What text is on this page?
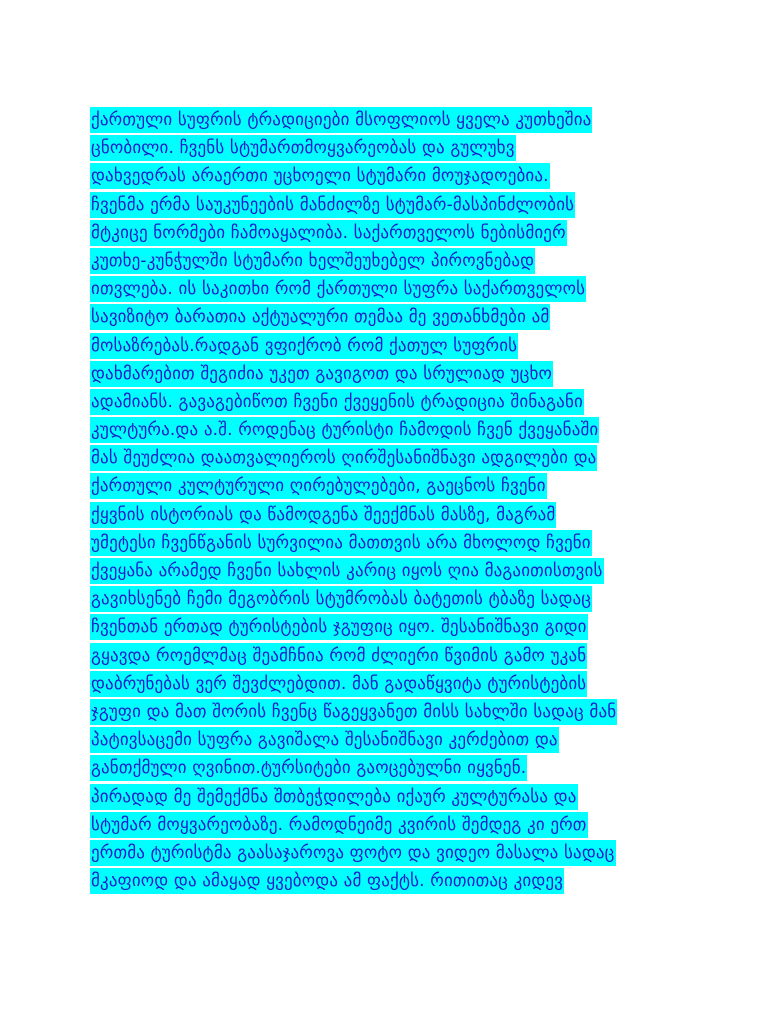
ქართული სუფრის ტრადიციები მსოფლიოს ყველა კუთხეშია
ცნობილი. ჩვენს სტუმართმოყვარეობას და გულუხვ
დახვედრას არაერთი უცხოელი სტუმარი მოუჯადოებია.
ჩვენმა ერმა საუკუნეების მანძილზე სტუმარ-მასპინძლობის
მტკიცე ნორმები ჩამოაყალიბა. საქართველოს ნებისმიერ
კუთხე-კუნჭულში სტუმარი ხელშეუხებელ პიროვნებად
ითვლება. ის საკითხი რომ ქართული სუფრა საქართველოს
სავიზიტო ბარათია აქტუალური თემაა მე ვეთანხმები ამ
მოსაზრებას.რადგან ვფიქრობ რომ ქათულ სუფრის
დახმარებით შეგიძია უკეთ გავიგოთ და სრულიად უცხო
ადამიანს. გავაგებიწოთ ჩვენი ქვეყენის ტრადიცია შინაგანი
კულტურა.და ა.შ. როდენაც ტურისტი ჩამოდის ჩვენ ქვეყანაში
მას შეუძლია დაათვალიეროს ღირშესანიშნავი ადგილები და
ქართული კულტურული ღირებულებები, გაეცნოს ჩვენი
ქყვნის ისტორიას და წამოდგენა შეექმნას მასზე, მაგრამ
უმეტესი ჩვენწგანის სურვილია მათთვის არა მხოლოდ ჩვენი
ქვეყანა არამედ ჩვენი სახლის კარიც იყოს ღია მაგაითისთვის
გავიხსენებ ჩემი მეგობრის სტუმრობას ბატეთის ტბაზე სადაც
ჩვენთან ერთად ტურისტების ჯგუფიც იყო. შესანიშნავი გიდი
გყავდა როემლმაც შეამჩნია რომ ძლიერი წვიმის გამო უკან
დაბრუნებას ვერ შევძლებდით. მან გადაწყვიტა ტურისტების
ჯგუფი და მათ შორის ჩვენც წაგეყვანეთ მისს სახლში სადაც მან
პატივსაცემი სუფრა გავიშალა შესანიშნავი კერძებით და
განთქმული ღვინით.ტურსიტები გაოცებულნი იყვნენ.
პირადად მე შემექმნა შთბეჭდილება იქაურ კულტურასა და
სტუმარ მოყვარეობაზე. რამოდნეიმე კვირის შემდეგ კი ერთ
ერთმა ტურისტმა გაასაჯაროვა ფოტო და ვიდეო მასალა სადაც
მკაფიოდ და ამაყად ყვებოდა ამ ფაქტს. რითითაც კიდევ
